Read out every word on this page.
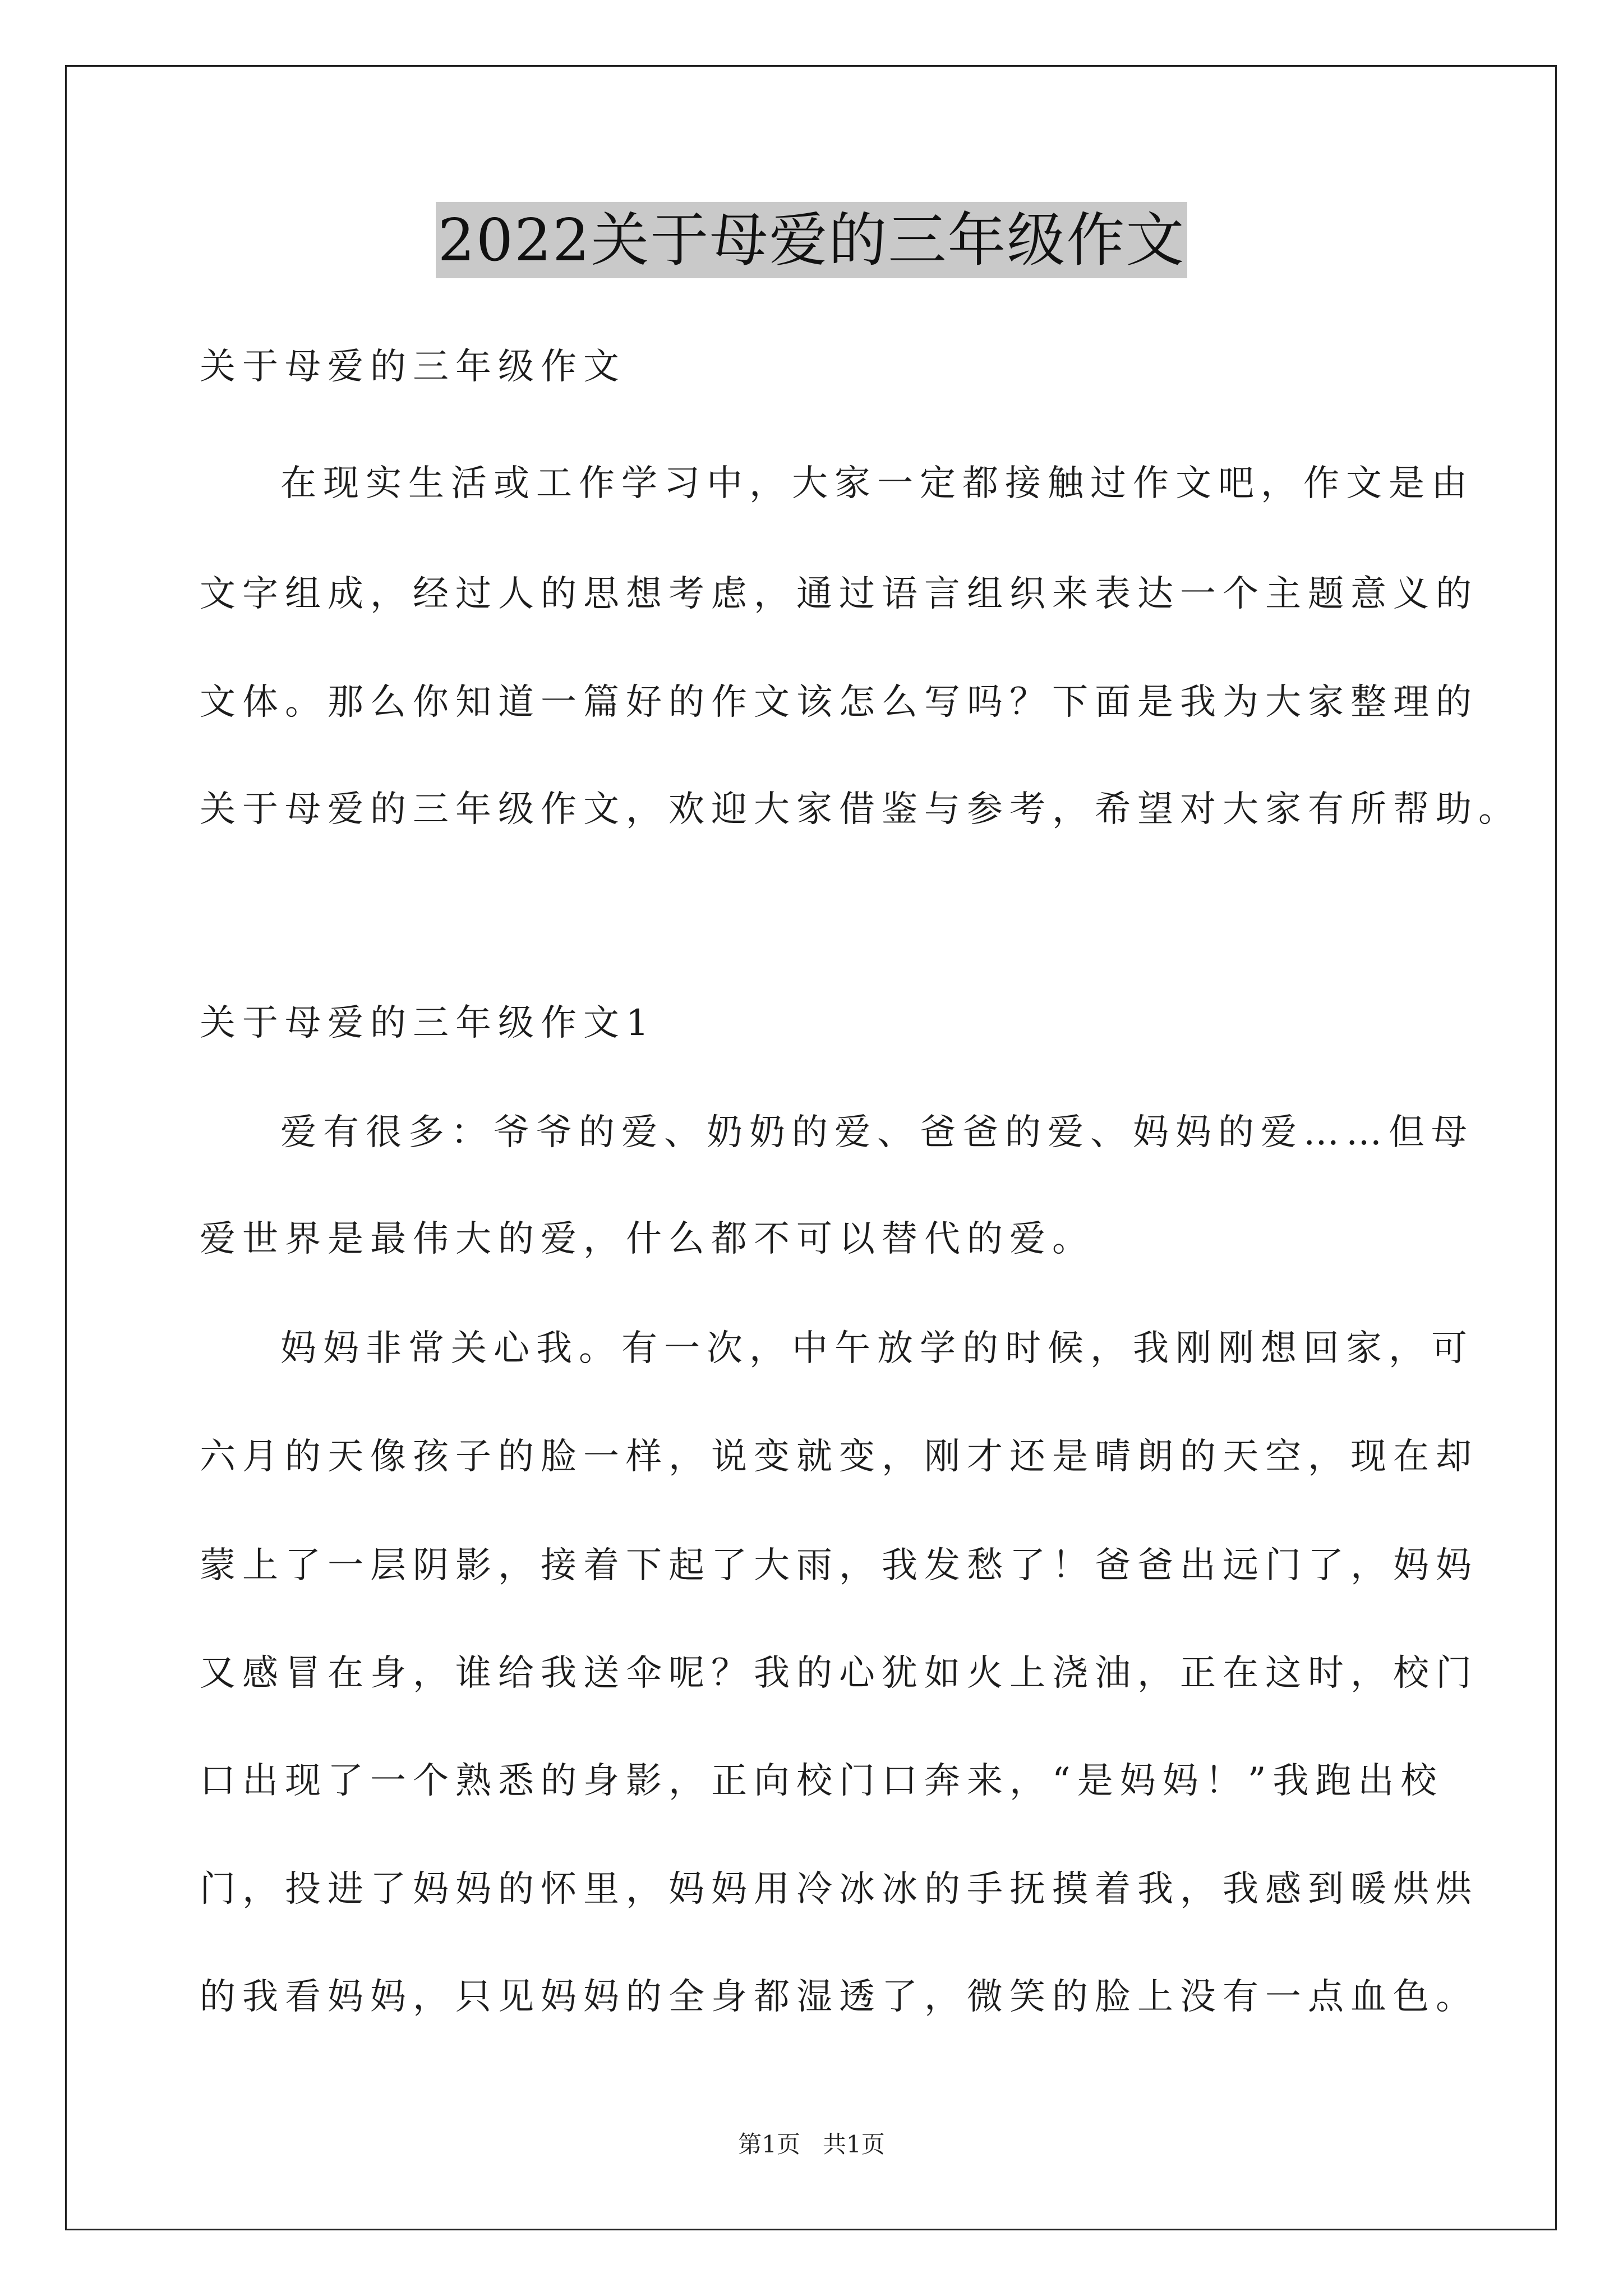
2022关于母爱的三年级作文
关于母爱的三年级作文
在现实生活或工作学习中，大家一定都接触过作文吧，作文是由
文字组成，经过人的思想考虑，通过语言组织来表达一个主题意义的
文体。那么你知道一篇好的作文该怎么写吗？下面是我为大家整理的
关于母爱的三年级作文，欢迎大家借鉴与参考，希望对大家有所帮助。
关于母爱的三年级作文1
爱有很多：爷爷的爱、奶奶的爱、爸爸的爱、妈妈的爱……但母
爱世界是最伟大的爱，什么都不可以替代的爱。
妈妈非常关心我。有一次，中午放学的时候，我刚刚想回家，可
六月的天像孩子的脸一样，说变就变，刚才还是晴朗的天空，现在却
蒙上了一层阴影，接着下起了大雨，我发愁了！爸爸出远门了，妈妈
又感冒在身，谁给我送伞呢？我的心犹如火上浇油，正在这时，校门
口出现了一个熟悉的身影，正向校门口奔来，“是妈妈！”我跑出校
门，投进了妈妈的怀里，妈妈用冷冰冰的手抚摸着我，我感到暖烘烘
的我看妈妈，只见妈妈的全身都湿透了，微笑的脸上没有一点血色。
第1页   共1页
